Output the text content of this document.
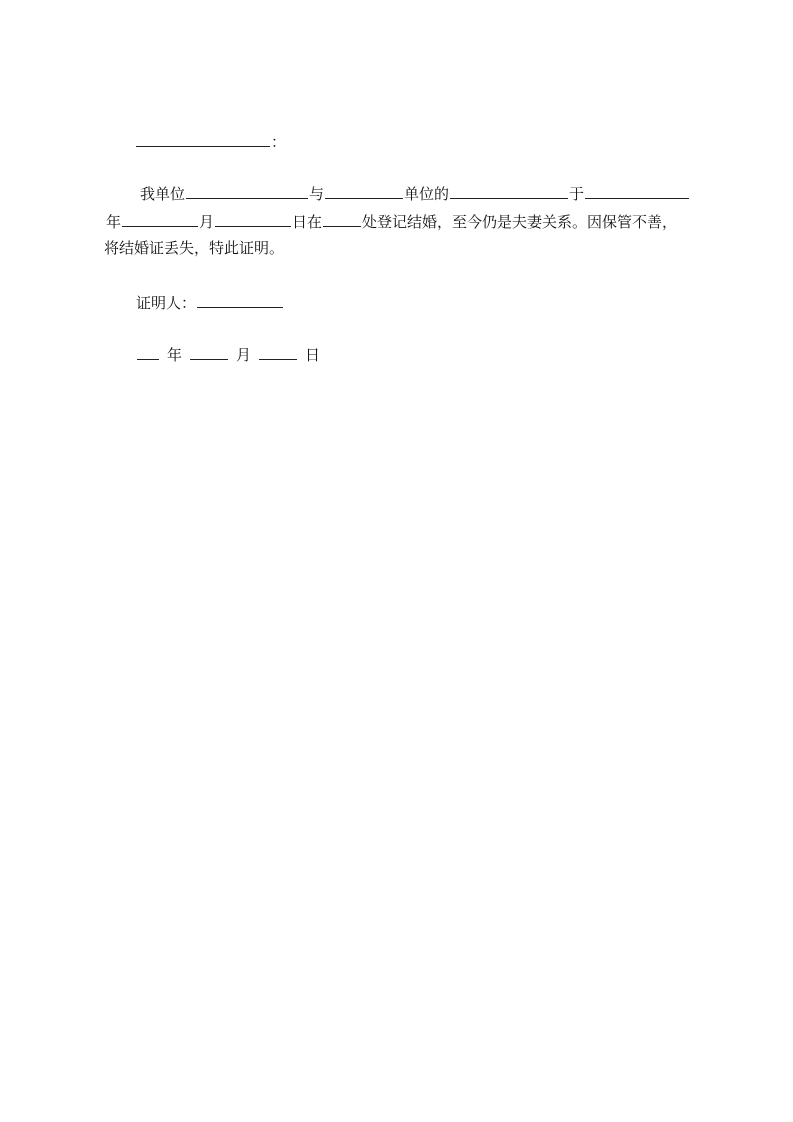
：
我单位	与	单位的	于
年	月	日在	处登记结婚，至今仍是夫妻关系。因保管不善，
将结婚证丢失，特此证明。
证明人：
年	月	日
